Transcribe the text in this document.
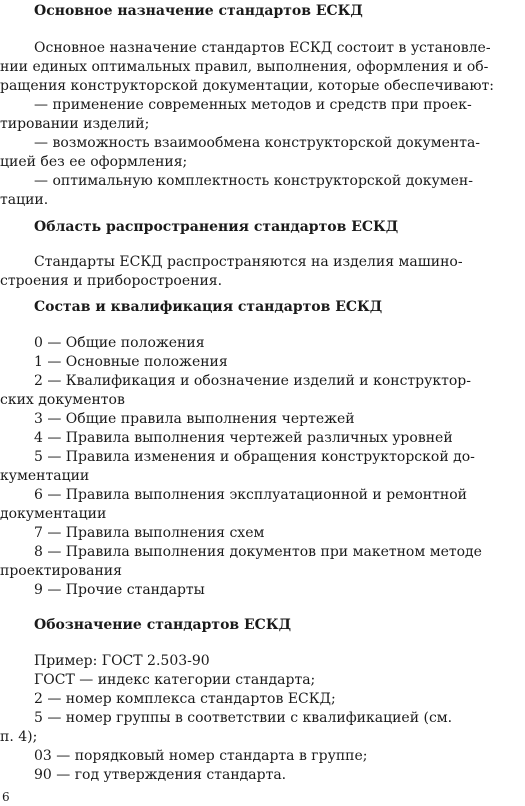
Основное назначение стандартов ЕСКД
Основное назначение стандартов ЕСКД состоит в установле-
нии единых оптимальных правил, выполнения, оформления и об-
ращения конструкторской документации, которые обеспечивают:
— применение современных методов и средств при проек-
тировании изделий;
— возможность взаимообмена конструкторской документа-
цией без ее оформления;
— оптимальную комплектность конструкторской докумен-
тации.
Область распространения стандартов ЕСКД
Стандарты ЕСКД распространяются на изделия машино-
строения и приборостроения.
Состав и квалификация стандартов ЕСКД
0 — Общие положения
1 — Основные положения
2 — Квалификация и обозначение изделий и конструктор-
ских документов
3 — Общие правила выполнения чертежей
4 — Правила выполнения чертежей различных уровней
5 — Правила изменения и обращения конструкторской до-
кументации
6 — Правила выполнения эксплуатационной и ремонтной
документации
7 — Правила выполнения схем
8 — Правила выполнения документов при макетном методе
проектирования
9 — Прочие стандарты
Обозначение стандартов ЕСКД
Пример: ГОСТ 2.503-90
ГОСТ — индекс категории стандарта;
2 — номер комплекса стандартов ЕСКД;
5 — номер группы в соответствии с квалификацией (см.
п. 4);
03 — порядковый номер стандарта в группе;
90 — год утверждения стандарта.
6
